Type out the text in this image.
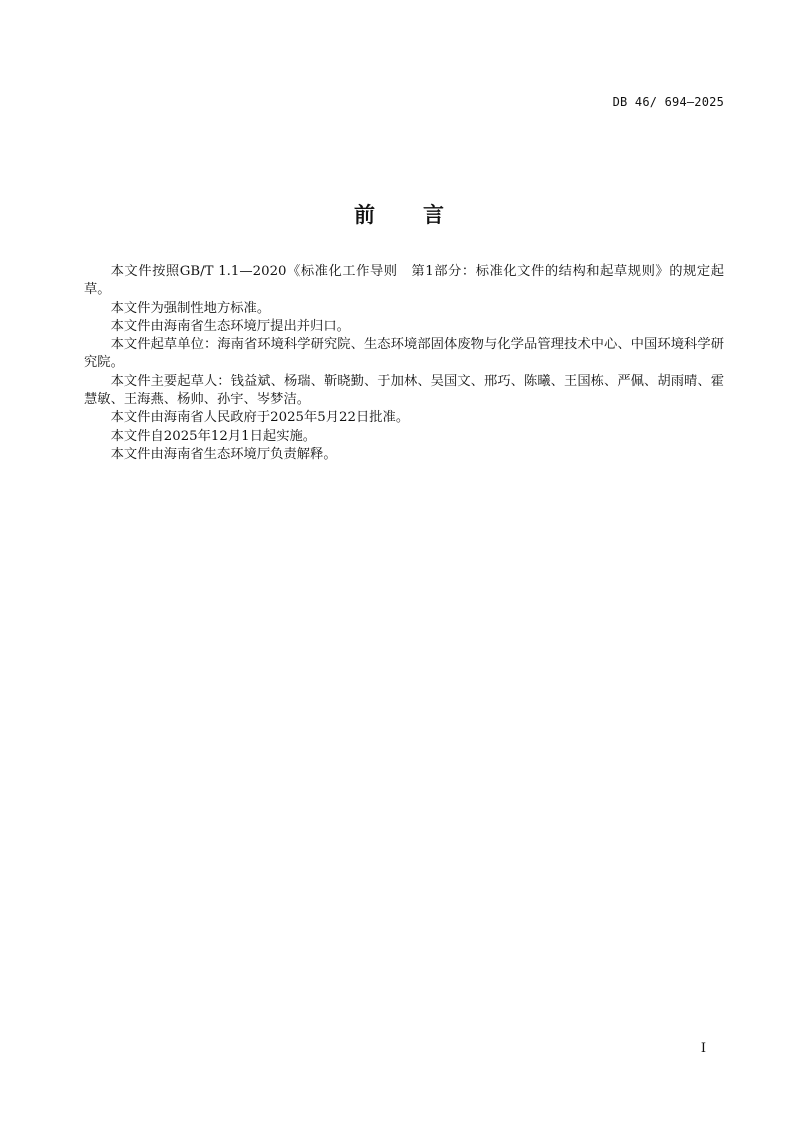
DB 46/ 694—2025
前　　言

本文件按照GB/T 1.1—2020《标准化工作导则　第1部分：标准化文件的结构和起草规则》的规定起草。

本文件为强制性地方标准。

本文件由海南省生态环境厅提出并归口。

本文件起草单位：海南省环境科学研究院、生态环境部固体废物与化学品管理技术中心、中国环境科学研究院。

本文件主要起草人：钱益斌、杨瑞、靳晓勤、于加林、吴国文、邢巧、陈曦、王国栋、严佩、胡雨晴、霍慧敏、王海燕、杨帅、孙宇、岑梦洁。

本文件由海南省人民政府于2025年5月22日批准。

本文件自2025年12月1日起实施。

本文件由海南省生态环境厅负责解释。

I
